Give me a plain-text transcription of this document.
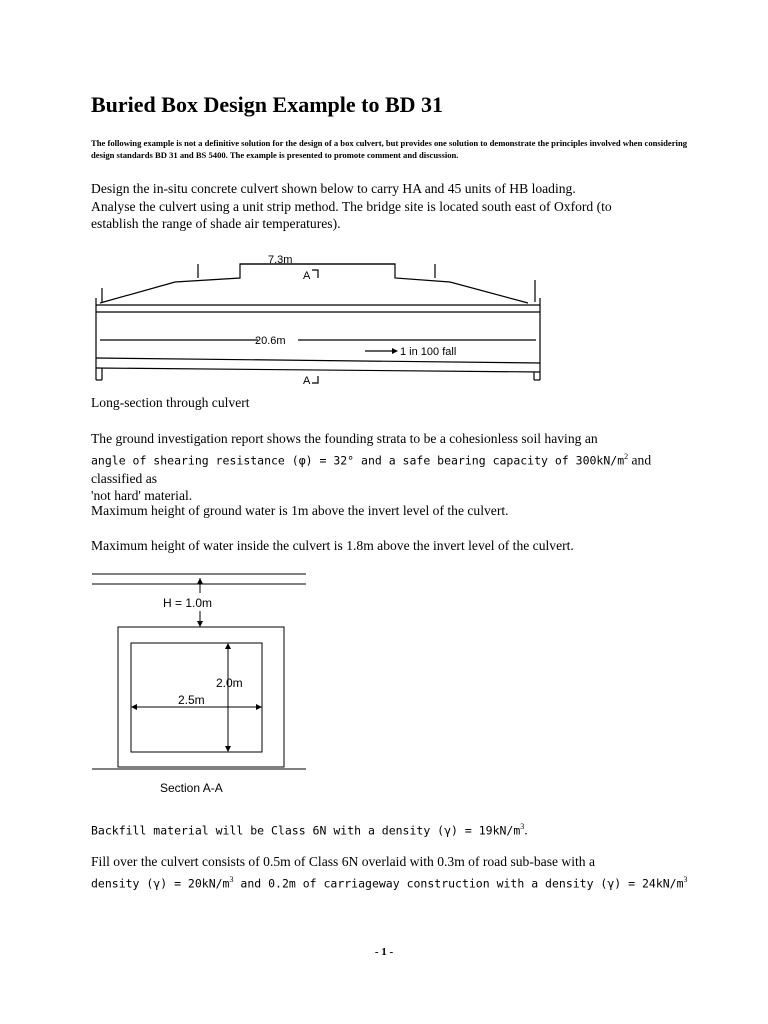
Buried Box Design Example to BD 31
The following example is not a definitive solution for the design of a box culvert, but provides one solution to demonstrate the principles involved when considering design standards BD 31 and BS 5400. The example is presented to promote comment and discussion.
Design the in-situ concrete culvert shown below to carry HA and 45 units of HB loading.
Analyse the culvert using a unit strip method. The bridge site is located south east of Oxford (to
establish the range of shade air temperatures).
7.3m
A
20.6m
1 in 100 fall
A
Long-section through culvert
The ground investigation report shows the founding strata to be a cohesionless soil having an
angle of shearing resistance (φ) = 32° and a safe bearing capacity of $300kN/m^2$ and classified as
'not hard' material.
Maximum height of ground water is 1m above the invert level of the culvert.
Maximum height of water inside the culvert is 1.8m above the invert level of the culvert.
H = 1.0m
2.0m
2.5m
Section A-A
Backfill material will be Class 6N with a density $(\gamma) = 19kN/m^3$.
Fill over the culvert consists of 0.5m of Class 6N overlaid with 0.3m of road sub-base with a
density $(\gamma) = 20kN/m^3$ and 0.2m of carriageway construction with a density $(\gamma) = 24kN/m^3$
- 1 -
